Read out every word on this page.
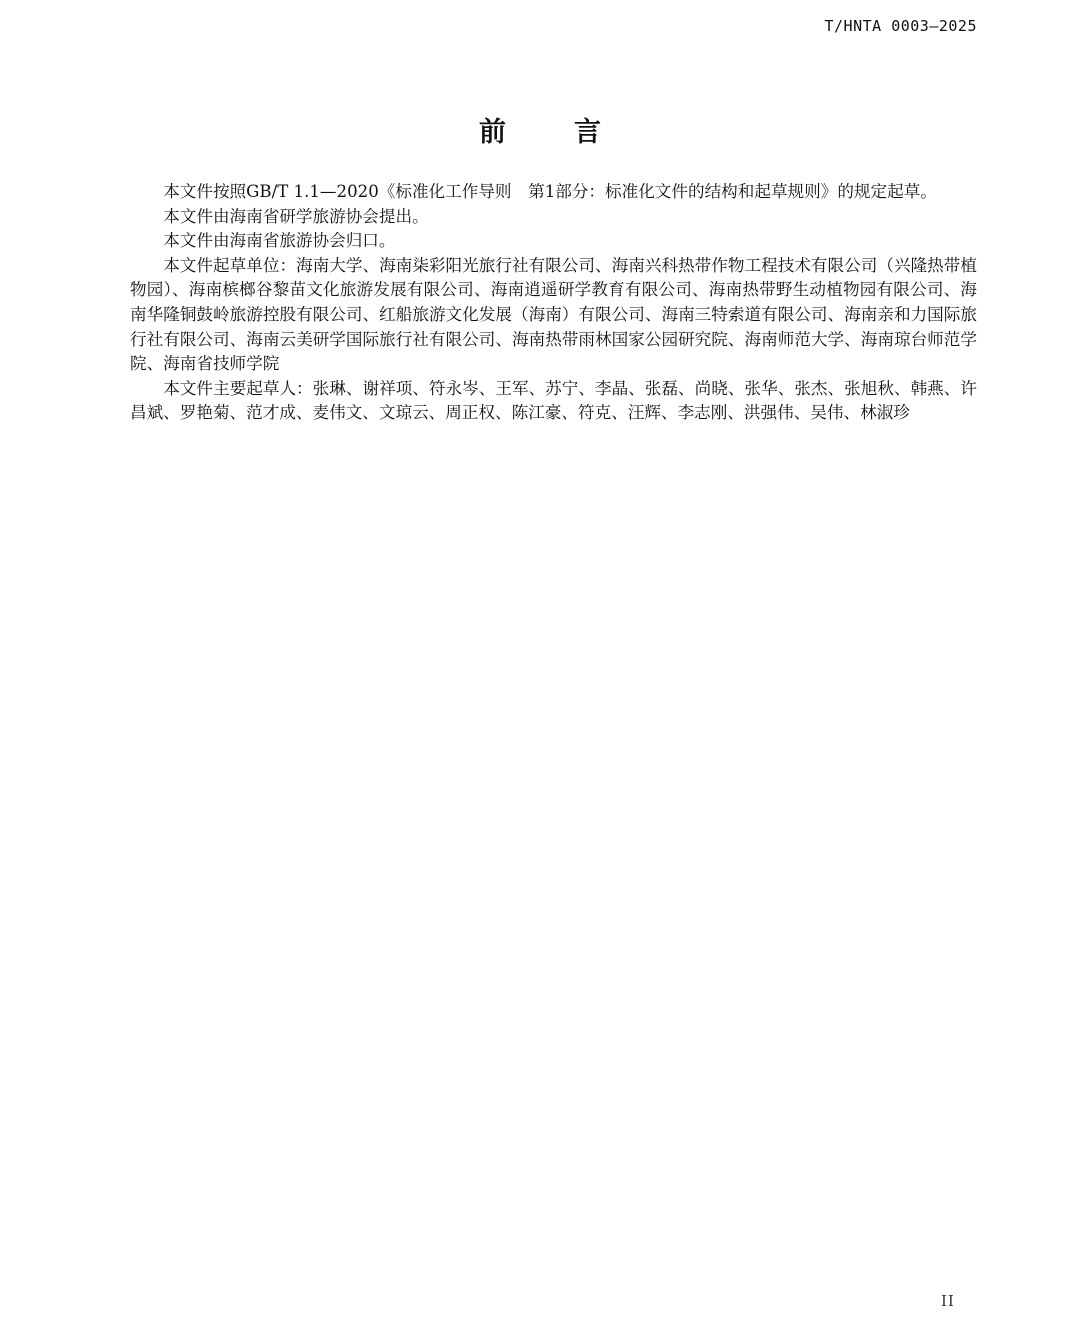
T/HNTA 0003—2025
前言

本文件按照GB/T 1.1—2020《标准化工作导则　第1部分：标准化文件的结构和起草规则》的规定起草。

本文件由海南省研学旅游协会提出。

本文件由海南省旅游协会归口。

本文件起草单位：海南大学、海南柒彩阳光旅行社有限公司、海南兴科热带作物工程技术有限公司（兴隆热带植物园）、海南槟榔谷黎苗文化旅游发展有限公司、海南逍遥研学教育有限公司、海南热带野生动植物园有限公司、海南华隆铜鼓岭旅游控股有限公司、红船旅游文化发展（海南）有限公司、海南三特索道有限公司、海南亲和力国际旅行社有限公司、海南云美研学国际旅行社有限公司、海南热带雨林国家公园研究院、海南师范大学、海南琼台师范学院、海南省技师学院

本文件主要起草人：张琳、谢祥项、符永岑、王军、苏宁、李晶、张磊、尚晓、张华、张杰、张旭秋、韩燕、许昌斌、罗艳菊、范才成、麦伟文、文琼云、周正权、陈江豪、符克、汪辉、李志刚、洪强伟、吴伟、林淑珍

II
